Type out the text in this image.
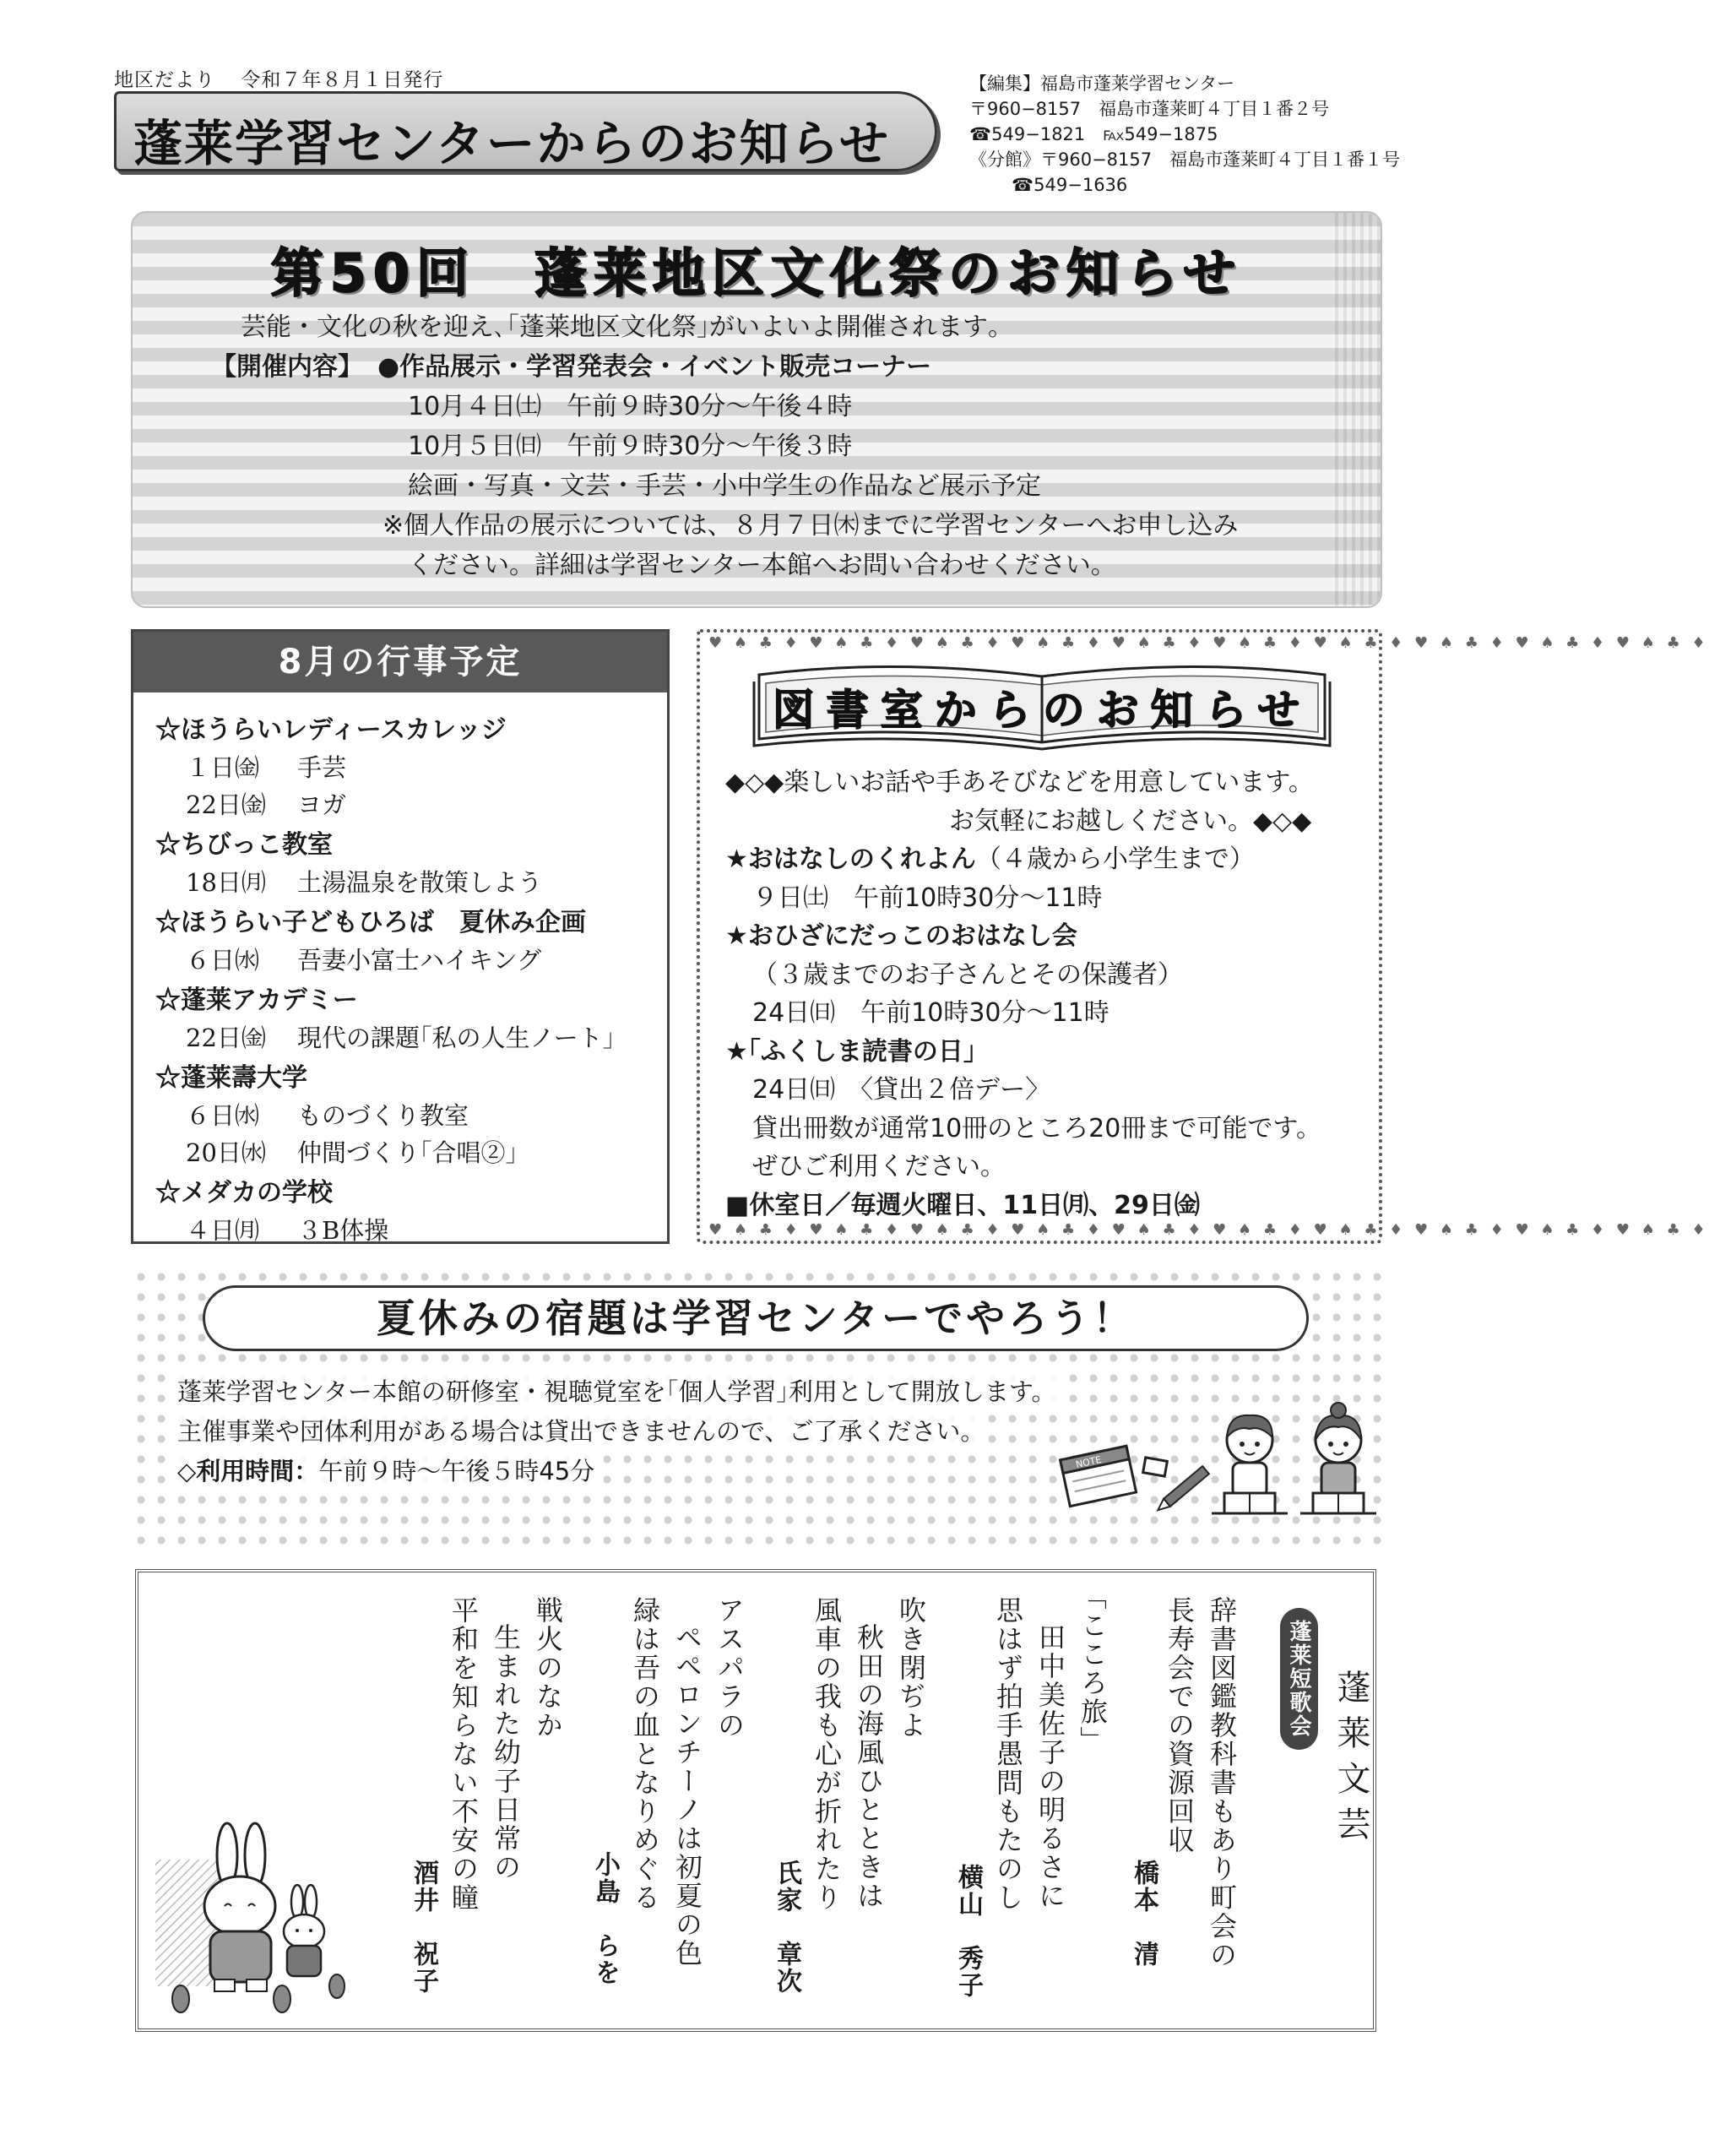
地区だより 令和７年８月１日発行
蓬莱学習センターからのお知らせ
【編集】福島市蓬莱学習センター
〒960−8157　福島市蓬莱町４丁目１番２号
☎549−1821　℻549−1875
《分館》〒960−8157　福島市蓬莱町４丁目１番１号
☎549−1636
第50回　蓬莱地区文化祭のお知らせ
芸能・文化の秋を迎え､｢蓬莱地区文化祭｣がいよいよ開催されます｡
【開催内容】 ●作品展示・学習発表会・イベント販売コーナー
10月４日㈯　午前９時30分〜午後４時
10月５日㈰　午前９時30分〜午後３時
絵画・写真・文芸・手芸・小中学生の作品など展示予定
※個人作品の展示については、８月７日㈭までに学習センターへお申し込み
ください。詳細は学習センター本館へお問い合わせください。
8月の行事予定
☆ほうらいレディースカレッジ
１日㈮ 手芸
22日㈮ ヨガ
☆ちびっこ教室
18日㈪ 土湯温泉を散策しよう
☆ほうらい子どもひろば　夏休み企画
６日㈬ 吾妻小富士ハイキング
☆蓬莱アカデミー
22日㈮ 現代の課題｢私の人生ノート｣
☆蓬莱壽大学
６日㈬ ものづくり教室
20日㈬ 仲間づくり｢合唱②｣
☆メダカの学校
４日㈪ ３B体操
♥ ♠ ♣ ♦ ♥ ♠ ♣ ♦ ♥ ♠ ♣ ♦ ♥ ♠ ♣ ♦ ♥ ♠ ♣ ♦ ♥ ♠ ♣ ♦ ♥ ♠ ♣ ♦ ♥ ♠ ♣ ♦ ♥ ♠ ♣ ♦ ♥ ♠ ♣ ♦
図書室からのお知らせ
◆◇◆楽しいお話や手あそびなどを用意しています。
お気軽にお越しください。◆◇◆
★おはなしのくれよん（４歳から小学生まで）
９日㈯　午前10時30分〜11時
★おひざにだっこのおはなし会
（３歳までのお子さんとその保護者）
24日㈰　午前10時30分〜11時
★｢ふくしま読書の日｣
24日㈰　〈貸出２倍デー〉
貸出冊数が通常10冊のところ20冊まで可能です。
ぜひご利用ください。
■休室日／毎週火曜日、11日㈪、29日㈮
♥ ♠ ♣ ♦ ♥ ♠ ♣ ♦ ♥ ♠ ♣ ♦ ♥ ♠ ♣ ♦ ♥ ♠ ♣ ♦ ♥ ♠ ♣ ♦ ♥ ♠ ♣ ♦ ♥ ♠ ♣ ♦ ♥ ♠ ♣ ♦ ♥ ♠ ♣ ♦
夏休みの宿題は学習センターでやろう！
蓬莱学習センター本館の研修室・視聴覚室を｢個人学習｣利用として開放します。
主催事業や団体利用がある場合は貸出できませんので、ご了承ください。
◇利用時間：午前９時〜午後５時45分	NOTE
蓬莱文芸
蓬莱短歌会
辞書図鑑教科書もあり町会の
長寿会での資源回収
橋本　清
｢こころ旅｣
田中美佐子の明るさに
思はず拍手愚問もたのし
横山　秀子
吹き閉ぢよ
秋田の海風ひとときは
風車の我も心が折れたり
氏家　章次
アスパラの
ペペロンチーノは初夏の色
緑は吾の血となりめぐる
小島　らを
戦火のなか
生まれた幼子日常の
平和を知らない不安の瞳
酒井　祝子
